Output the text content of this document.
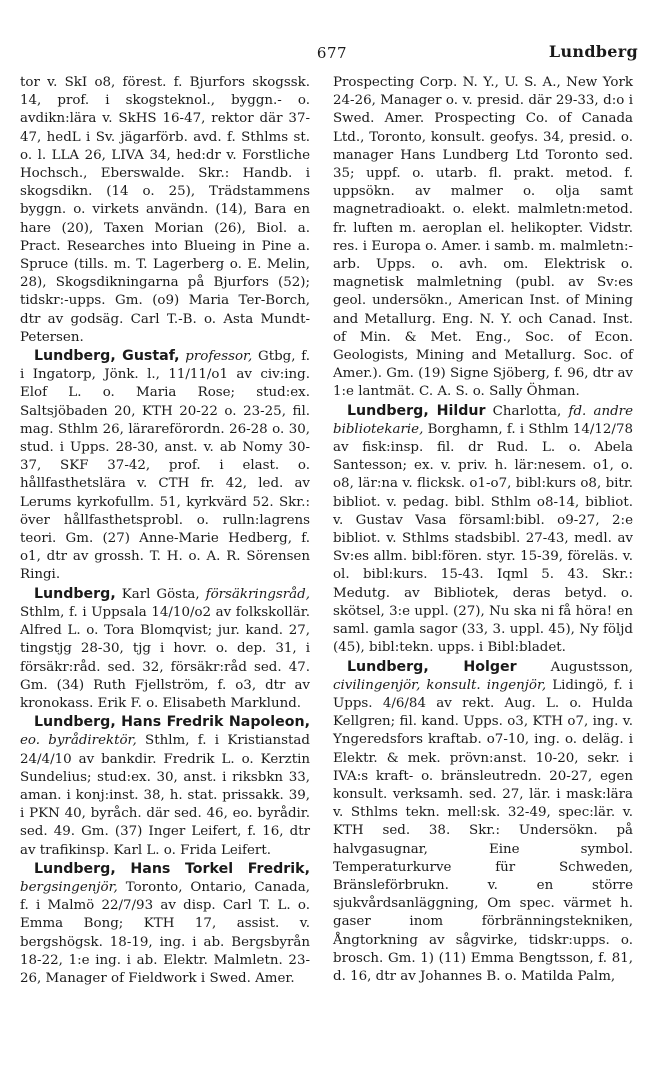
677	Lundberg

tor v. SkI o8, förest. f. Bjurfors skogssk. 14, prof. i skogsteknol., byggn.- o. avdikn:lära v. SkHS 16-47, rektor där 37-47, hedL i Sv. jägarförb. avd. f. Sthlms st. o. l. LLA 26, LIVA 34, hed:dr v. Forstliche Hochsch., Eberswalde. Skr.: Handb. i skogsdikn. (14 o. 25), Trädstammens byggn. o. virkets användn. (14), Bara en hare (20), Taxen Morian (26), Biol. a. Pract. Researches into Blueing in Pine a. Spruce (tills. m. T. Lagerberg o. E. Melin, 28), Skogsdikningarna på Bjurfors (52); tidskr:-upps. Gm. (o9) Maria Ter-Borch, dtr av godsäg. Carl T.-B. o. Asta Mundt-Petersen.

Lundberg, Gustaf, professor, Gtbg, f. i Ingatorp, Jönk. l., 11/11/o1 av civ:ing. Elof L. o. Maria Rose; stud:ex. Saltsjöbaden 20, KTH 20-22 o. 23-25, fil. mag. Sthlm 26, lärareförordn. 26-28 o. 30, stud. i Upps. 28-30, anst. v. ab Nomy 30-37, SKF 37-42, prof. i elast. o. hållfasthetslära v. CTH fr. 42, led. av Lerums kyrkofullm. 51, kyrkvärd 52. Skr.: över hållfasthetsprobl. o. rulln:lagrens teori. Gm. (27) Anne-Marie Hedberg, f. o1, dtr av grossh. T. H. o. A. R. Sörensen Ringi.

Lundberg, Karl Gösta, försäkringsråd, Sthlm, f. i Uppsala 14/10/o2 av folkskollär. Alfred L. o. Tora Blomqvist; jur. kand. 27, tingstjg 28-30, tjg i hovr. o. dep. 31, i försäkr:råd. sed. 32, försäkr:råd sed. 47. Gm. (34) Ruth Fjellström, f. o3, dtr av kronokass. Erik F. o. Elisabeth Marklund.

Lundberg, Hans Fredrik Napoleon, eo. byrådirektör, Sthlm, f. i Kristianstad 24/4/10 av bankdir. Fredrik L. o. Kerztin Sundelius; stud:ex. 30, anst. i riksbkn 33, aman. i konj:inst. 38, h. stat. prissakk. 39, i PKN 40, byråch. där sed. 46, eo. byrådir. sed. 49. Gm. (37) Inger Leifert, f. 16, dtr av trafikinsp. Karl L. o. Frida Leifert.

Lundberg, Hans Torkel Fredrik, bergsingenjör, Toronto, Ontario, Canada, f. i Malmö 22/7/93 av disp. Carl T. L. o. Emma Bong; KTH 17, assist. v. bergshögsk. 18-19, ing. i ab. Bergsbyrån 18-22, 1:e ing. i ab. Elektr. Malmletn. 23-26, Manager of Fieldwork i Swed. Amer.

Prospecting Corp. N. Y., U. S. A., New York 24-26, Manager o. v. presid. där 29-33, d:o i Swed. Amer. Prospecting Co. of Canada Ltd., Toronto, konsult. geofys. 34, presid. o. manager Hans Lundberg Ltd Toronto sed. 35; uppf. o. utarb. fl. prakt. metod. f. uppsökn. av malmer o. olja samt magnetradioakt. o. elekt. malmletn:metod. fr. luften m. aeroplan el. helikopter. Vidstr. res. i Europa o. Amer. i samb. m. malmletn:-arb. Upps. o. avh. om. Elektrisk o. magnetisk malmletning (publ. av Sv:es geol. undersökn., American Inst. of Mining and Metallurg. Eng. N. Y. och Canad. Inst. of Min. & Met. Eng., Soc. of Econ. Geologists, Mining and Metallurg. Soc. of Amer.). Gm. (19) Signe Sjöberg, f. 96, dtr av 1:e lantmät. C. A. S. o. Sally Öhman.

Lundberg, Hildur Charlotta, fd. andre bibliotekarie, Borghamn, f. i Sthlm 14/12/78 av fisk:insp. fil. dr Rud. L. o. Abela Santesson; ex. v. priv. h. lär:nesem. o1, o. o8, lär:na v. flicksk. o1-o7, bibl:kurs o8, bitr. bibliot. v. pedag. bibl. Sthlm o8-14, bibliot. v. Gustav Vasa församl:bibl. o9-27, 2:e bibliot. v. Sthlms stadsbibl. 27-43, medl. av Sv:es allm. bibl:fören. styr. 15-39, föreläs. v. ol. bibl:kurs. 15-43. Iqml 5. 43. Skr.: Medutg. av Bibliotek, deras betyd. o. skötsel, 3:e uppl. (27), Nu ska ni få höra! en saml. gamla sagor (33, 3. uppl. 45), Ny följd (45), bibl:tekn. upps. i Bibl:bladet.

Lundberg, Holger Augustsson, civilingenjör, konsult. ingenjör, Lidingö, f. i Upps. 4/6/84 av rekt. Aug. L. o. Hulda Kellgren; fil. kand. Upps. o3, KTH o7, ing. v. Yngeredsfors kraftab. o7-10, ing. o. deläg. i Elektr. & mek. prövn:anst. 10-20, sekr. i IVA:s kraft- o. bränsleutredn. 20-27, egen konsult. verksamh. sed. 27, lär. i mask:lära v. Sthlms tekn. mell:sk. 32-49, spec:lär. v. KTH sed. 38. Skr.: Undersökn. på halvgasugnar, Eine symbol. Temperaturkurve für Schweden, Bränsleförbrukn. v. en större sjukvårdsanläggning, Om spec. värmet h. gaser inom förbränningstekniken, Ångtorkning av sågvirke, tidskr:upps. o. brosch. Gm. 1) (11) Emma Bengtsson, f. 81, d. 16, dtr av Johannes B. o. Matilda Palm,
